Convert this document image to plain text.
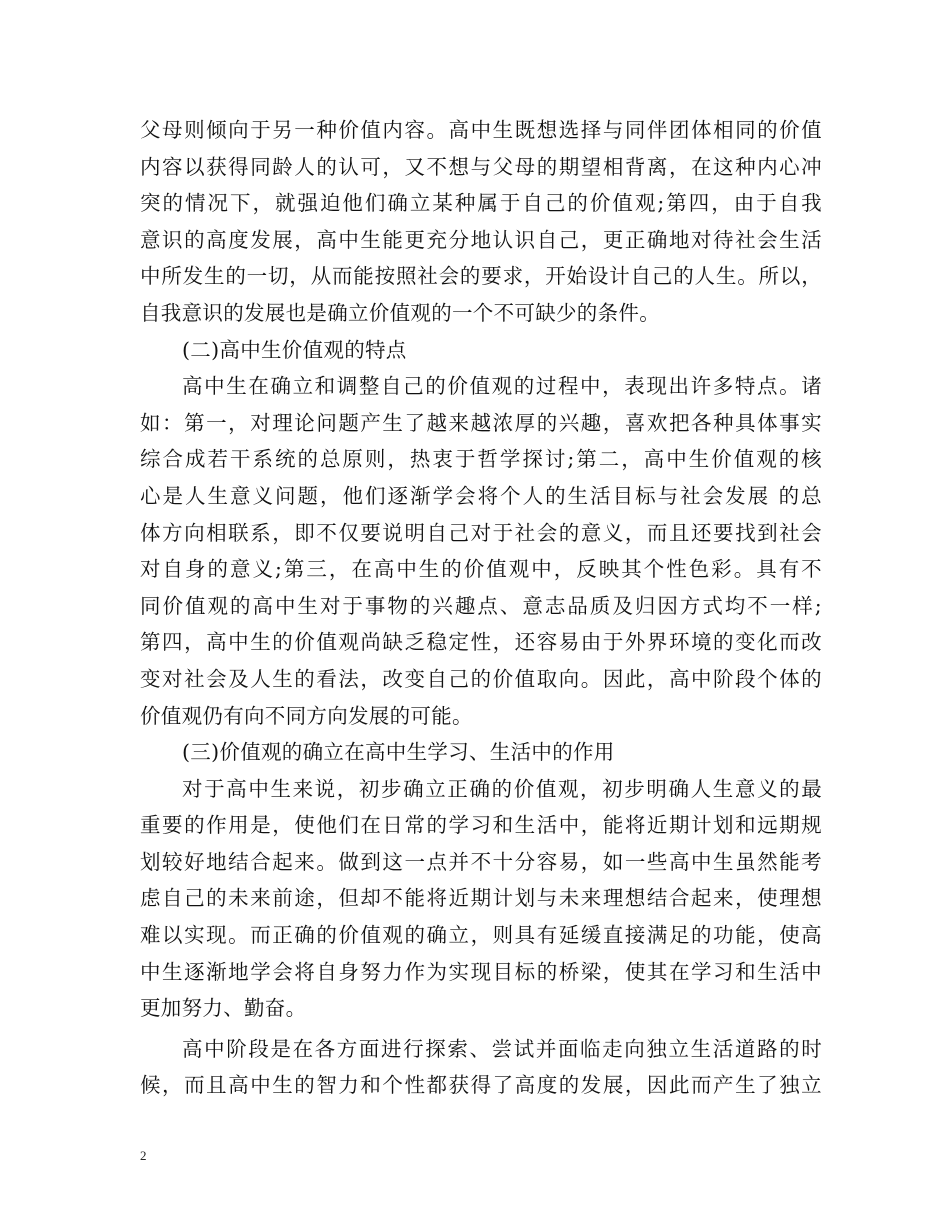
父母则倾向于另一种价值内容。高中生既想选择与同伴团体相同的价值
内容以获得同龄人的认可，又不想与父母的期望相背离，在这种内心冲
突的情况下，就强迫他们确立某种属于自己的价值观;第四，由于自我
意识的高度发展，高中生能更充分地认识自己，更正确地对待社会生活
中所发生的一切，从而能按照社会的要求，开始设计自己的人生。所以，
自我意识的发展也是确立价值观的一个不可缺少的条件。
(二)高中生价值观的特点
高中生在确立和调整自己的价值观的过程中，表现出许多特点。诸
如：第一，对理论问题产生了越来越浓厚的兴趣，喜欢把各种具体事实
综合成若干系统的总原则，热衷于哲学探讨;第二，高中生价值观的核
心是人生意义问题，他们逐渐学会将个人的生活目标与社会发展 的总
体方向相联系，即不仅要说明自己对于社会的意义，而且还要找到社会
对自身的意义;第三，在高中生的价值观中，反映其个性色彩。具有不
同价值观的高中生对于事物的兴趣点、意志品质及归因方式均不一样;
第四，高中生的价值观尚缺乏稳定性，还容易由于外界环境的变化而改
变对社会及人生的看法，改变自己的价值取向。因此，高中阶段个体的
价值观仍有向不同方向发展的可能。
(三)价值观的确立在高中生学习、生活中的作用
对于高中生来说，初步确立正确的价值观，初步明确人生意义的最
重要的作用是，使他们在日常的学习和生活中，能将近期计划和远期规
划较好地结合起来。做到这一点并不十分容易，如一些高中生虽然能考
虑自己的未来前途，但却不能将近期计划与未来理想结合起来，使理想
难以实现。而正确的价值观的确立，则具有延缓直接满足的功能，使高
中生逐渐地学会将自身努力作为实现目标的桥梁，使其在学习和生活中
更加努力、勤奋。
高中阶段是在各方面进行探索、尝试并面临走向独立生活道路的时
候，而且高中生的智力和个性都获得了高度的发展，因此而产生了独立
2
